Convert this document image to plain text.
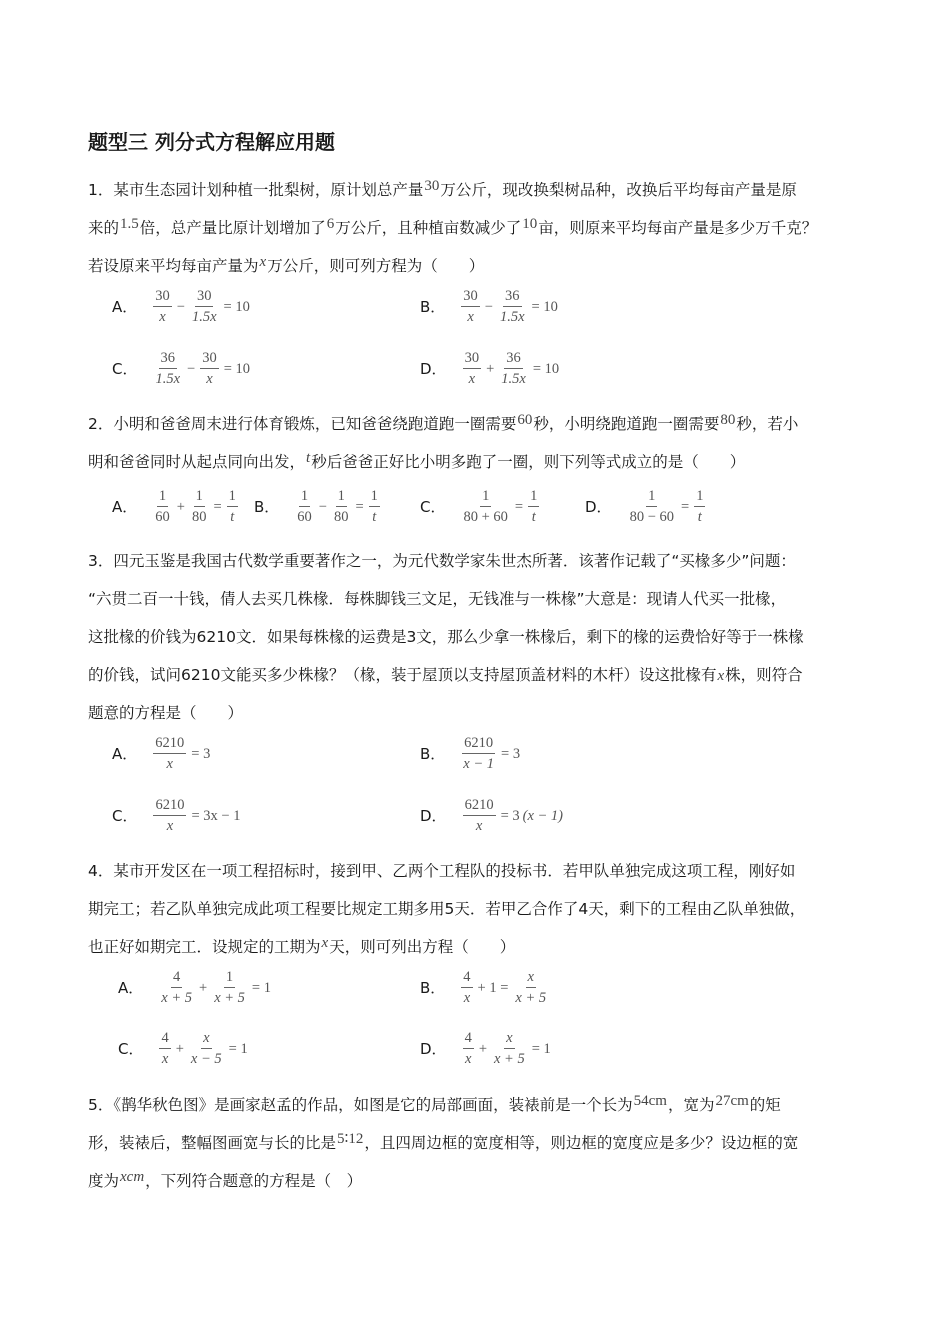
题型三 列分式方程解应用题
1．某市生态园计划种植一批梨树，原计划总产量30万公斤，现改换梨树品种，改换后平均每亩产量是原
来的1.5倍，总产量比原计划增加了6万公斤，且种植亩数减少了10亩，则原来平均每亩产量是多少万千克？
若设原来平均每亩产量为x万公斤，则可列方程为（　　）
A． $\frac{30}{x} - \frac{30}{1.5x} = 10$	B． $\frac{30}{x} - \frac{36}{1.5x} = 10$
C． $\frac{36}{1.5x} - \frac{30}{x} = 10$	D． $\frac{30}{x} + \frac{36}{1.5x} = 10$
2．小明和爸爸周末进行体育锻炼，已知爸爸绕跑道跑一圈需要60秒，小明绕跑道跑一圈需要80秒，若小
明和爸爸同时从起点同向出发，t秒后爸爸正好比小明多跑了一圈，则下列等式成立的是（　　）
A． $\frac{1}{60} + \frac{1}{80} = \frac{1}{t}$ B． $\frac{1}{60} - \frac{1}{80} = \frac{1}{t}$	C． $\frac{1}{80 + 60} = \frac{1}{t}$	D． $\frac{1}{80 - 60} = \frac{1}{t}$
3．四元玉鉴是我国古代数学重要著作之一，为元代数学家朱世杰所著．该著作记载了“买椽多少”问题：
“六贯二百一十钱，倩人去买几株椽．每株脚钱三文足，无钱准与一株椽”大意是：现请人代买一批椽，
这批椽的价钱为6210文．如果每株椽的运费是3文，那么少拿一株椽后，剩下的椽的运费恰好等于一株椽
的价钱，试问6210文能买多少株椽？（椽，装于屋顶以支持屋顶盖材料的木杆）设这批椽有x株，则符合
题意的方程是（　　）
A． $\frac{6210}{x} = 3$	B． $\frac{6210}{x - 1} = 3$
C． $\frac{6210}{x} = 3x - 1$	D． $\frac{6210}{x} = 3$ (x − 1)
4．某市开发区在一项工程招标时，接到甲、乙两个工程队的投标书．若甲队单独完成这项工程，刚好如
期完工；若乙队单独完成此项工程要比规定工期多用5天．若甲乙合作了4天，剩下的工程由乙队单独做，
也正好如期完工．设规定的工期为x天，则可列出方程（　　）
A． $\frac{4}{x + 5} + \frac{1}{x + 5} = 1$	B． $\frac{4}{x} + 1 = \frac{x}{x + 5}$
C． $\frac{4}{x} + \frac{x}{x - 5} = 1$	D． $\frac{4}{x} + \frac{x}{x + 5} = 1$
5．《鹊华秋色图》是画家赵孟的作品，如图是它的局部画面，装裱前是一个长为54cm，宽为27cm的矩
形，装裱后，整幅图画宽与长的比是5∶12，且四周边框的宽度相等，则边框的宽度应是多少？设边框的宽
度为xcm，下列符合题意的方程是（　）
